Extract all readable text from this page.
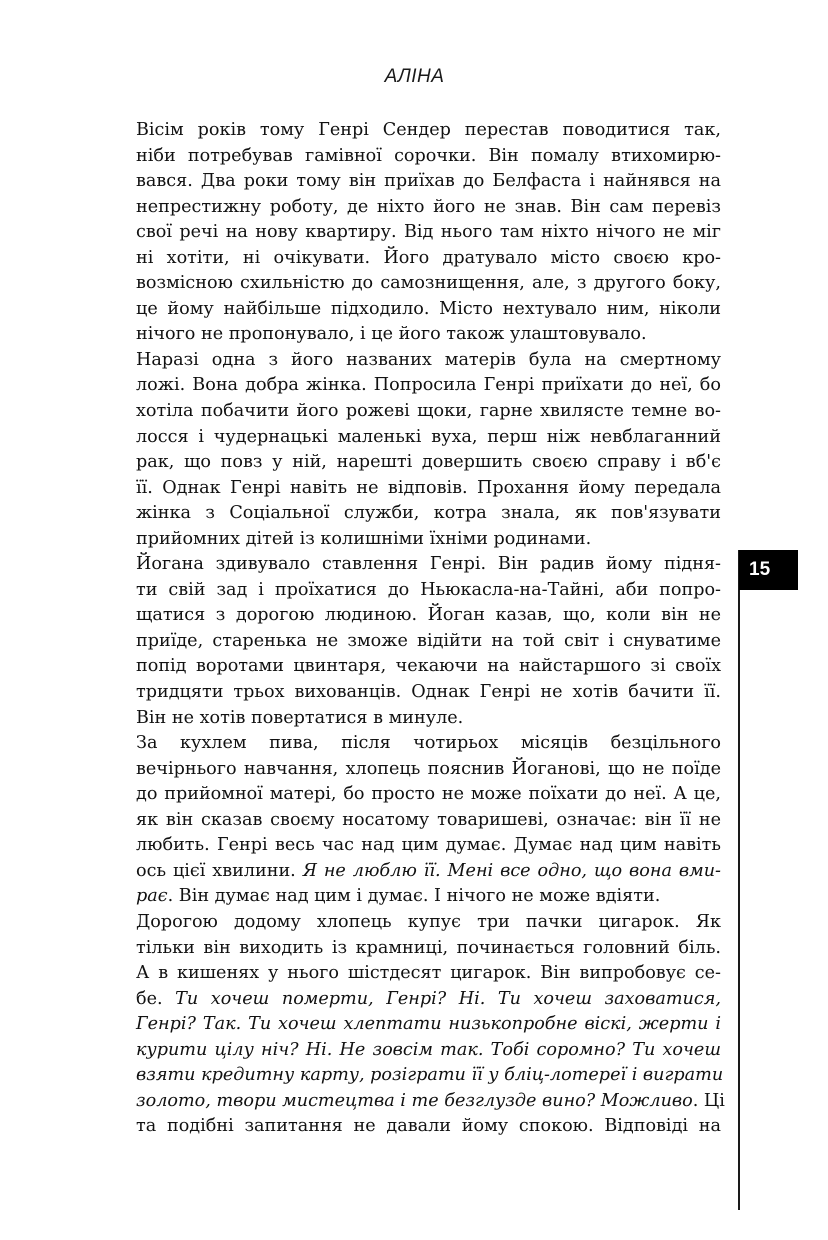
АЛІНА

Вісім років тому Генрі Сендер перестав поводитися так,
ніби потребував гамівної сорочки. Він помалу втихомирю-
вався. Два роки тому він приїхав до Белфаста і найнявся на
непрестижну роботу, де ніхто його не знав. Він сам перевіз
свої речі на нову квартиру. Від нього там ніхто нічого не міг
ні хотіти, ні очікувати. Його дратувало місто своєю кро-
возмісною схильністю до самознищення, але, з другого боку,
це йому найбільше підходило. Місто нехтувало ним, ніколи
нічого не пропонувало, і це його також улаштовувало.

Наразі одна з його названих матерів була на смертному
ложі. Вона добра жінка. Попросила Генрі приїхати до неї, бо
хотіла побачити його рожеві щоки, гарне хвилясте темне во-
лосся і чудернацькі маленькі вуха, перш ніж невблаганний
рак, що повз у ній, нарешті довершить своєю справу і вб'є
її. Однак Генрі навіть не відповів. Прохання йому передала
жінка з Соціальної служби, котра знала, як пов'язувати
прийомних дітей із колишніми їхніми родинами.

Йогана здивувало ставлення Генрі. Він радив йому підня-
ти свій зад і проїхатися до Ньюкасла-на-Тайні, аби попро-
щатися з дорогою людиною. Йоган казав, що, коли він не
приїде, старенька не зможе відійти на той світ і снуватиме
попід воротами цвинтаря, чекаючи на найстаршого зі своїх
тридцяти трьох вихованців. Однак Генрі не хотів бачити її.
Він не хотів повертатися в минуле.

За кухлем пива, після чотирьох місяців безцільного
вечірнього навчання, хлопець пояснив Йоганові, що не поїде
до прийомної матері, бо просто не може поїхати до неї. А це,
як він сказав своєму носатому товаришеві, означає: він її не
любить. Генрі весь час над цим думає. Думає над цим навіть
ось цієї хвилини. Я не люблю її. Мені все одно, що вона вми-
рає. Він думає над цим і думає. І нічого не може вдіяти.

Дорогою додому хлопець купує три пачки цигарок. Як
тільки він виходить із крамниці, починається головний біль.
А в кишенях у нього шістдесят цигарок. Він випробовує се-
бе. Ти хочеш померти, Генрі? Ні. Ти хочеш заховатися,
Генрі? Так. Ти хочеш хлептати низькопробне віскі, жерти і
курити цілу ніч? Ні. Не зовсім так. Тобі соромно? Ти хочеш
взяти кредитну карту, розіграти її у бліц-лотереї і виграти
золото, твори мистецтва і те безглузде вино? Можливо. Ці
та подібні запитання не давали йому спокою. Відповіді на

15
